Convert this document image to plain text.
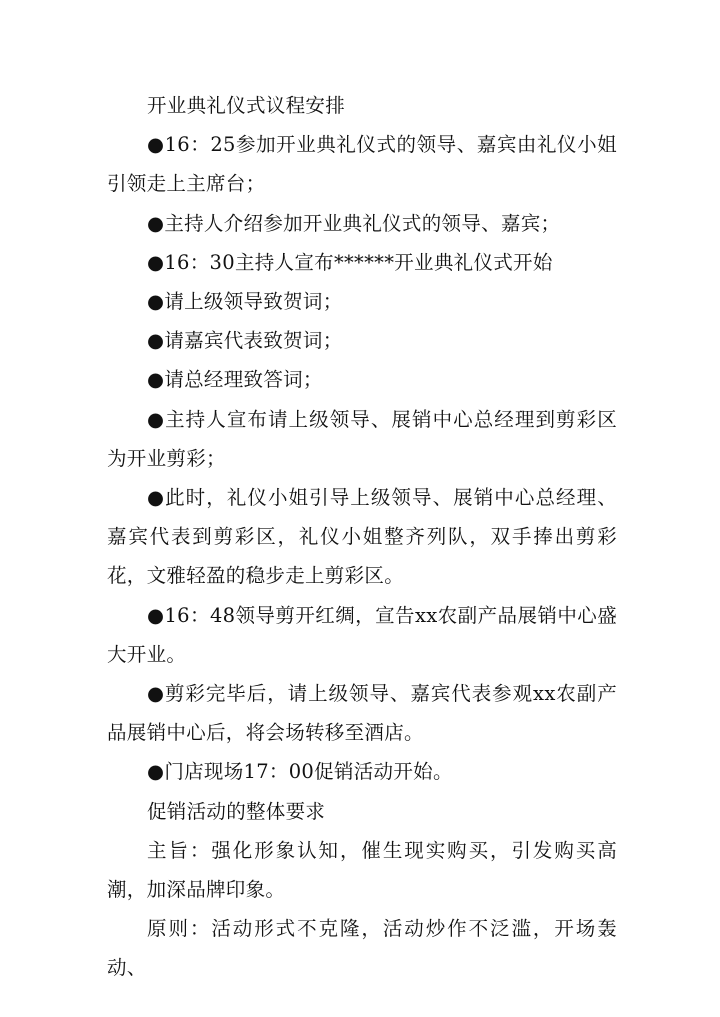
开业典礼仪式议程安排

●16：25参加开业典礼仪式的领导、嘉宾由礼仪小姐引领走上主席台；

●主持人介绍参加开业典礼仪式的领导、嘉宾；

●16：30主持人宣布******开业典礼仪式开始

●请上级领导致贺词；

●请嘉宾代表致贺词；

●请总经理致答词；

●主持人宣布请上级领导、展销中心总经理到剪彩区为开业剪彩；

●此时，礼仪小姐引导上级领导、展销中心总经理、嘉宾代表到剪彩区，礼仪小姐整齐列队，双手捧出剪彩花，文雅轻盈的稳步走上剪彩区。

●16：48领导剪开红绸，宣告xx农副产品展销中心盛大开业。

●剪彩完毕后，请上级领导、嘉宾代表参观xx农副产品展销中心后，将会场转移至酒店。

●门店现场17：00促销活动开始。

促销活动的整体要求

主旨：强化形象认知，催生现实购买，引发购买高潮，加深品牌印象。

原则：活动形式不克隆，活动炒作不泛滥，开场轰动、
